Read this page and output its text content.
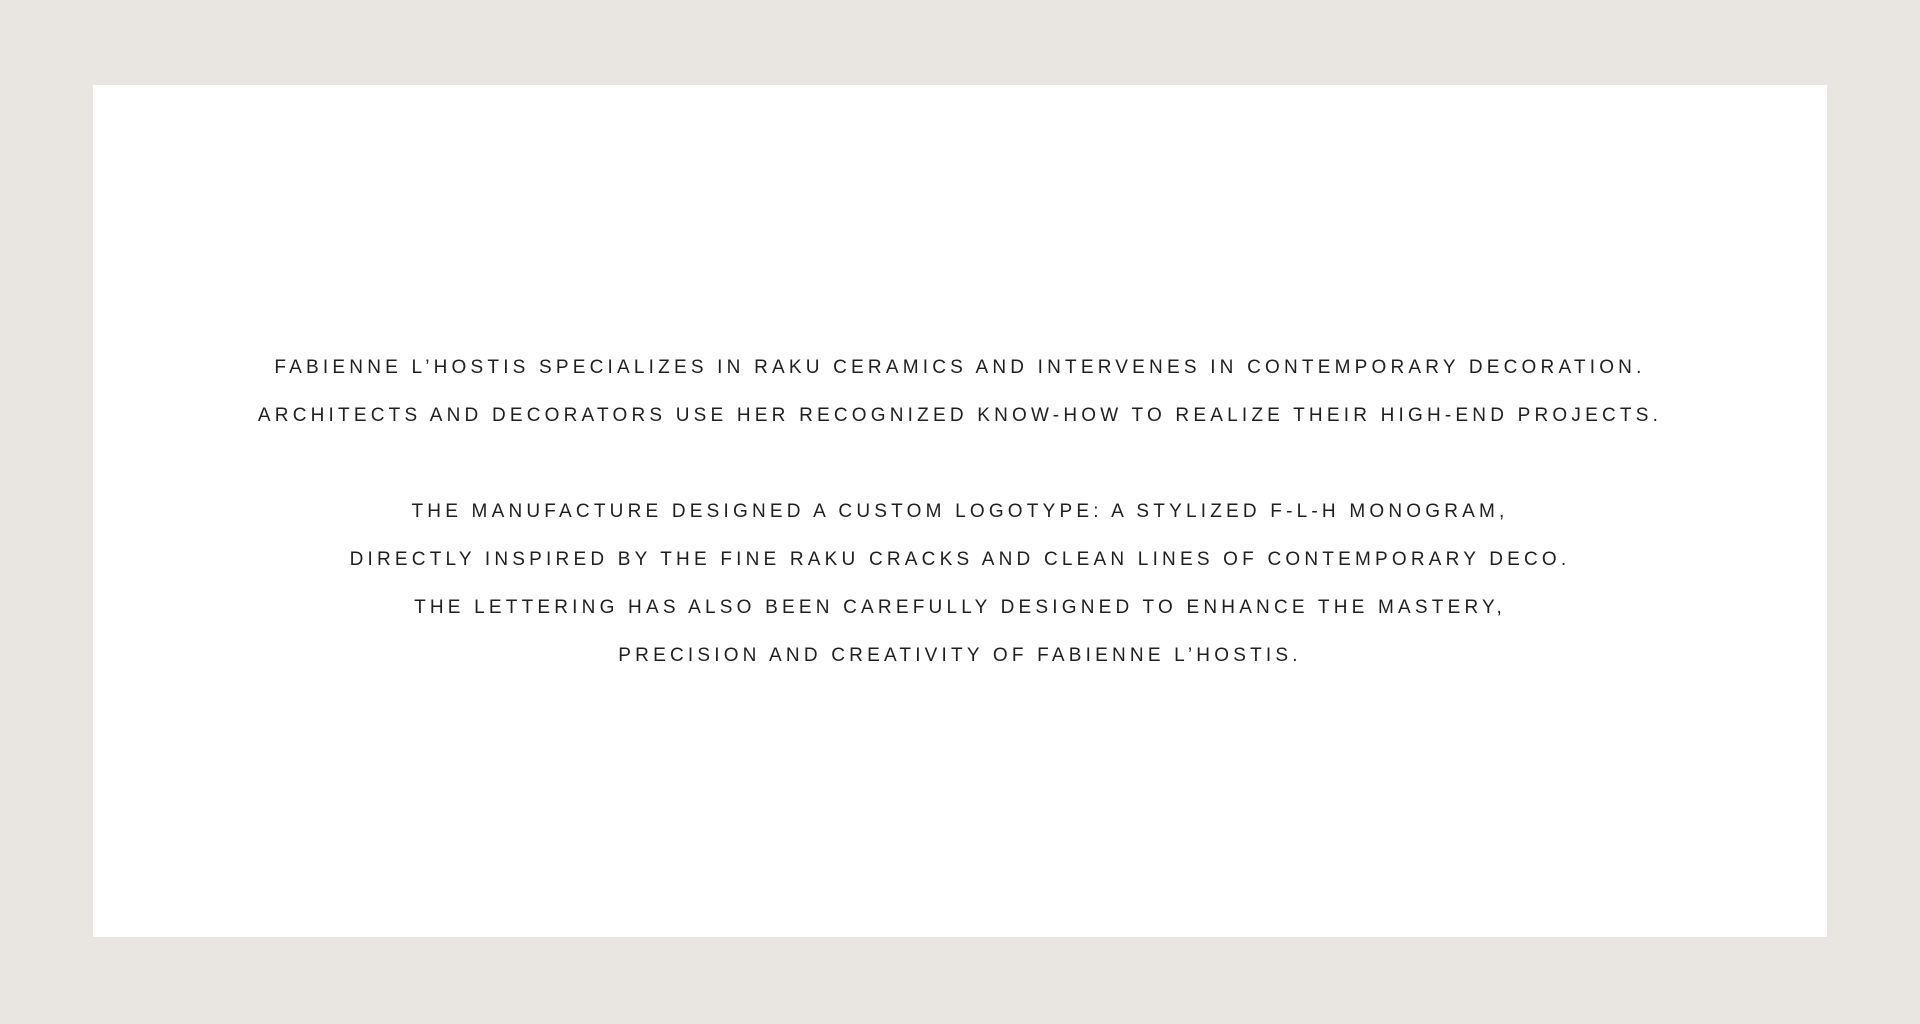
FABIENNE L’HOSTIS SPECIALIZES IN RAKU CERAMICS AND INTERVENES IN CONTEMPORARY DECORATION.
ARCHITECTS AND DECORATORS USE HER RECOGNIZED KNOW-HOW TO REALIZE THEIR HIGH-END PROJECTS.

THE MANUFACTURE DESIGNED A CUSTOM LOGOTYPE: A STYLIZED F-L-H MONOGRAM,
DIRECTLY INSPIRED BY THE FINE RAKU CRACKS AND CLEAN LINES OF CONTEMPORARY DECO.
THE LETTERING HAS ALSO BEEN CAREFULLY DESIGNED TO ENHANCE THE MASTERY,
PRECISION AND CREATIVITY OF FABIENNE L’HOSTIS.
